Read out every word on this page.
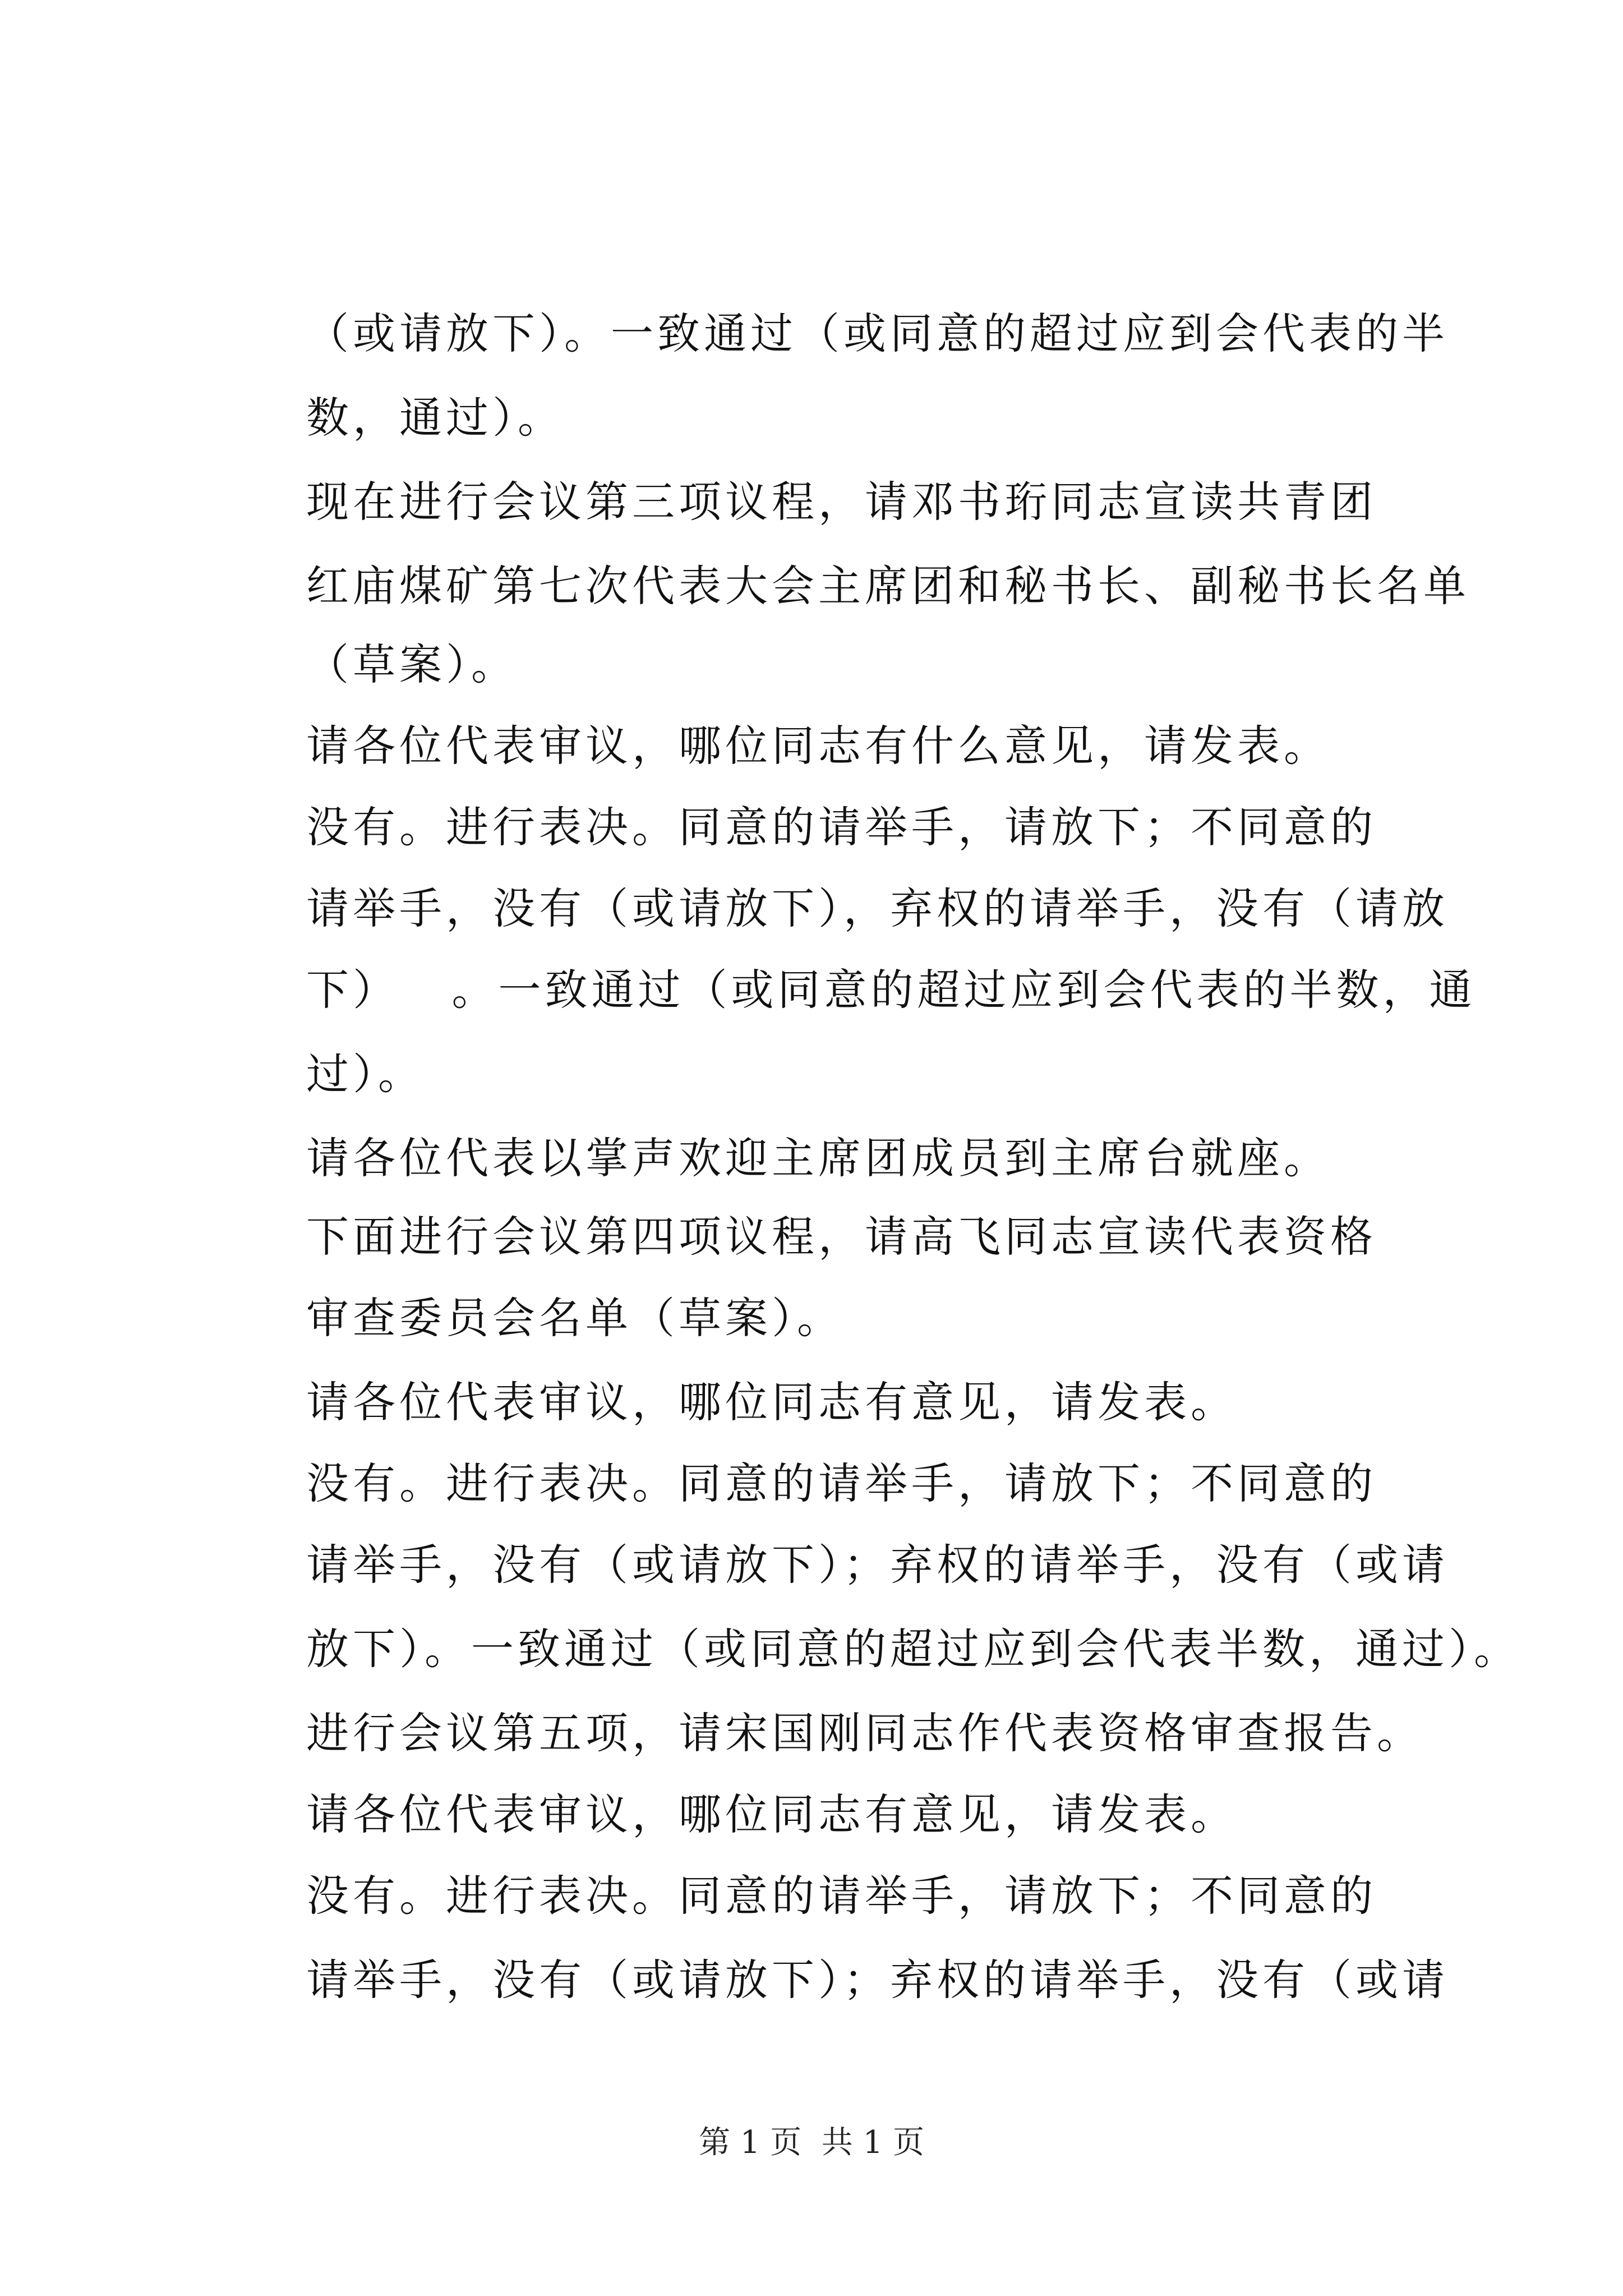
（或请放下）。一致通过（或同意的超过应到会代表的半

数，通过）。

现在进行会议第三项议程，请邓书珩同志宣读共青团

红庙煤矿第七次代表大会主席团和秘书长、副秘书长名单

（草案）。

请各位代表审议，哪位同志有什么意见，请发表。

没有。进行表决。同意的请举手，请放下；不同意的

请举手，没有（或请放下），弃权的请举手，没有（请放

下）   。一致通过（或同意的超过应到会代表的半数，通

过）。

请各位代表以掌声欢迎主席团成员到主席台就座。

下面进行会议第四项议程，请高飞同志宣读代表资格

审查委员会名单（草案）。

请各位代表审议，哪位同志有意见，请发表。

没有。进行表决。同意的请举手，请放下；不同意的

请举手，没有（或请放下）；弃权的请举手，没有（或请

放下）。一致通过（或同意的超过应到会代表半数，通过）。

进行会议第五项，请宋国刚同志作代表资格审查报告。

请各位代表审议，哪位同志有意见，请发表。

没有。进行表决。同意的请举手，请放下；不同意的

请举手，没有（或请放下）；弃权的请举手，没有（或请

第 1 页  共 1 页
